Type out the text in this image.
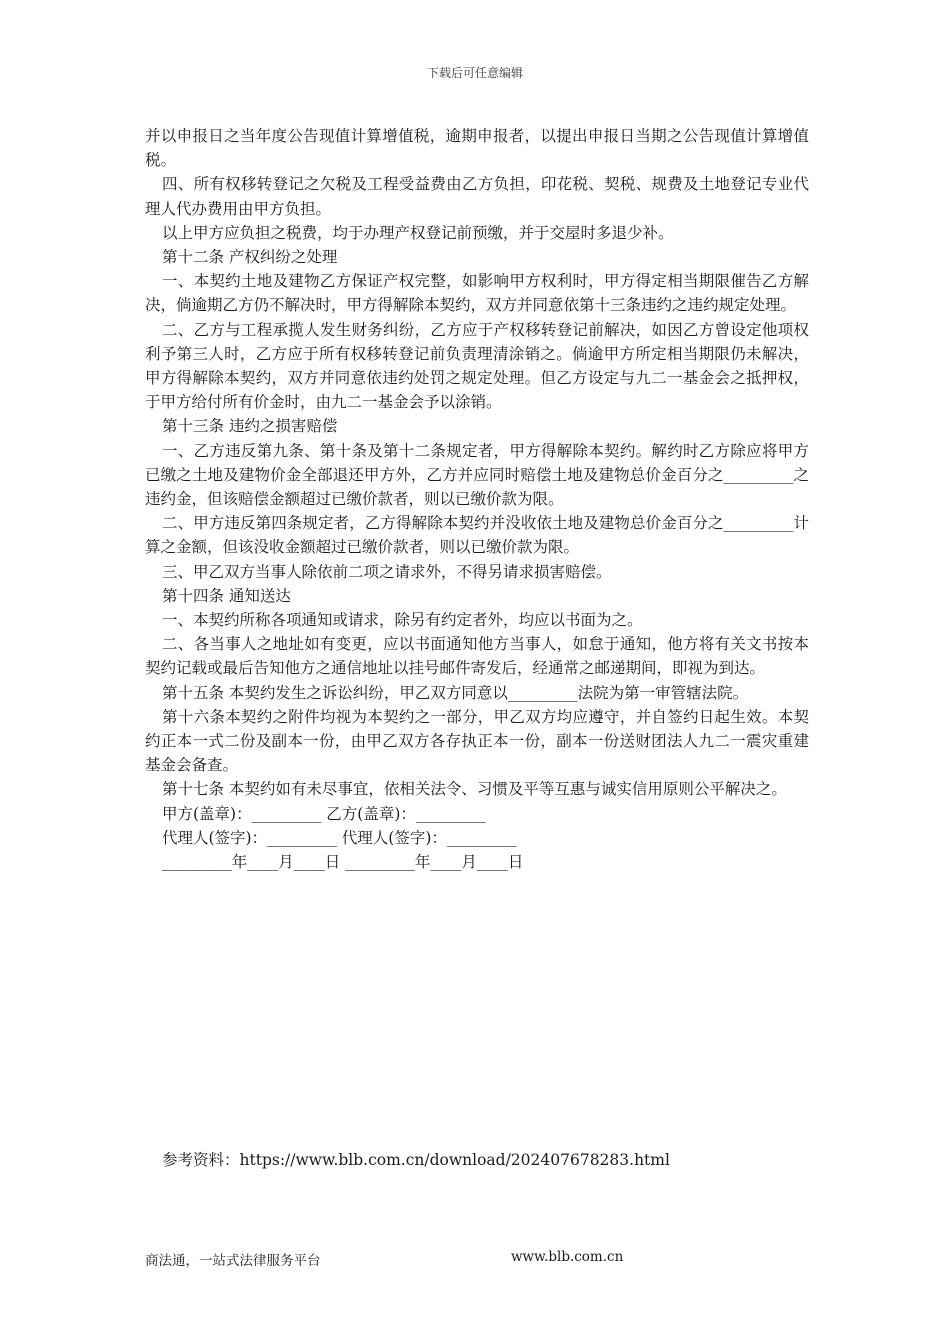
下载后可任意编辑

并以申报日之当年度公告现值计算增值税，逾期申报者，以提出申报日当期之公告现值计算增值税。

四、所有权移转登记之欠税及工程受益费由乙方负担，印花税、契税、规费及土地登记专业代理人代办费用由甲方负担。

以上甲方应负担之税费，均于办理产权登记前预缴，并于交屋时多退少补。

第十二条 产权纠纷之处理

一、本契约土地及建物乙方保证产权完整，如影响甲方权利时，甲方得定相当期限催告乙方解决，倘逾期乙方仍不解决时，甲方得解除本契约，双方并同意依第十三条违约之违约规定处理。

二、乙方与工程承揽人发生财务纠纷，乙方应于产权移转登记前解决，如因乙方曾设定他项权利予第三人时，乙方应于所有权移转登记前负责理清涂销之。倘逾甲方所定相当期限仍未解决，甲方得解除本契约，双方并同意依违约处罚之规定处理。但乙方设定与九二一基金会之抵押权，于甲方给付所有价金时，由九二一基金会予以涂销。

第十三条 违约之损害赔偿

一、乙方违反第九条、第十条及第十二条规定者，甲方得解除本契约。解约时乙方除应将甲方已缴之土地及建物价金全部退还甲方外，乙方并应同时赔偿土地及建物总价金百分之_________之违约金，但该赔偿金额超过已缴价款者，则以已缴价款为限。

二、甲方违反第四条规定者，乙方得解除本契约并没收依土地及建物总价金百分之_________计算之金额，但该没收金额超过已缴价款者，则以已缴价款为限。

三、甲乙双方当事人除依前二项之请求外，不得另请求损害赔偿。

第十四条 通知送达

一、本契约所称各项通知或请求，除另有约定者外，均应以书面为之。

二、各当事人之地址如有变更，应以书面通知他方当事人，如怠于通知，他方将有关文书按本契约记载或最后告知他方之通信地址以挂号邮件寄发后，经通常之邮递期间，即视为到达。

第十五条 本契约发生之诉讼纠纷，甲乙双方同意以_________法院为第一审管辖法院。

第十六条本契约之附件均视为本契约之一部分，甲乙双方均应遵守，并自签约日起生效。本契约正本一式二份及副本一份，由甲乙双方各存执正本一份，副本一份送财团法人九二一震灾重建基金会备查。

第十七条 本契约如有未尽事宜，依相关法令、习惯及平等互惠与诚实信用原则公平解决之。

甲方(盖章)：_________ 乙方(盖章)：_________

代理人(签字)：_________ 代理人(签字)：_________

_________年____月____日 _________年____月____日

参考资料：https://www.blb.com.cn/download/202407678283.html
商法通，一站式法律服务平台	www.blb.com.cn
